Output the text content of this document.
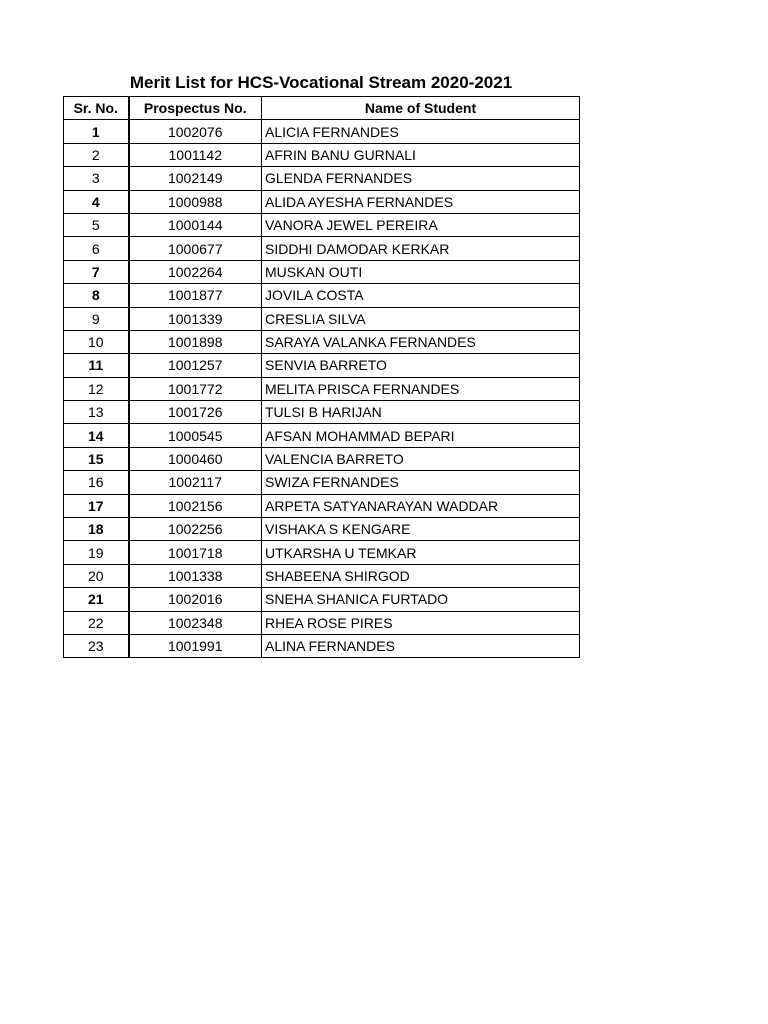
Merit List for HCS-Vocational Stream 2020-2021
Sr. No.	Prospectus No.	Name of Student
1	1002076	ALICIA FERNANDES
2	1001142	AFRIN BANU GURNALI
3	1002149	GLENDA FERNANDES
4	1000988	ALIDA AYESHA FERNANDES
5	1000144	VANORA JEWEL PEREIRA
6	1000677	SIDDHI DAMODAR KERKAR
7	1002264	MUSKAN OUTI
8	1001877	JOVILA COSTA
9	1001339	CRESLIA SILVA
10	1001898	SARAYA VALANKA FERNANDES
11	1001257	SENVIA BARRETO
12	1001772	MELITA PRISCA FERNANDES
13	1001726	TULSI B HARIJAN
14	1000545	AFSAN MOHAMMAD BEPARI
15	1000460	VALENCIA BARRETO
16	1002117	SWIZA FERNANDES
17	1002156	ARPETA SATYANARAYAN WADDAR
18	1002256	VISHAKA S KENGARE
19	1001718	UTKARSHA U TEMKAR
20	1001338	SHABEENA SHIRGOD
21	1002016	SNEHA SHANICA FURTADO
22	1002348	RHEA ROSE PIRES
23	1001991	ALINA FERNANDES
